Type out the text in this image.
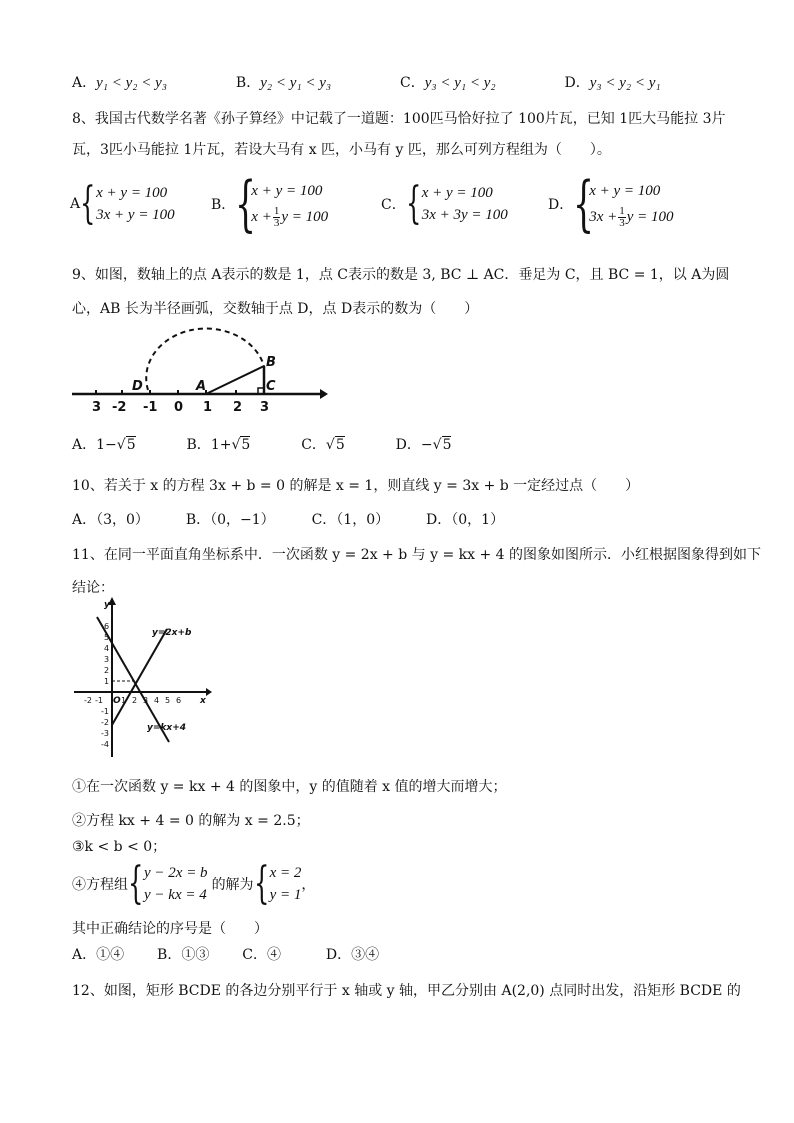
A．y₁ < y₂ < y₃	B．y₂ < y₁ < y₃	C．y₃ < y₁ < y₂	D．y₃ < y₂ < y₁
8、我国古代数学名著《孙子算经》中记载了一道题：100匹马恰好拉了 100片瓦，已知 1匹大马能拉 3片
瓦，3匹小马能拉 1片瓦，若设大马有 x 匹，小马有 y 匹，那么可列方程组为（　　）。
A { x + y = 100
3x + y = 100
B． {
x + y = 100
$x + \frac{1}{3}$ y = 100
C． { x + y = 100
3x + 3y = 100
D． {
x + y = 100
$3x + \frac{1}{3}$ y = 100
9、如图，数轴上的点 A表示的数是 1，点 C表示的数是 3, BC ⊥ AC．垂足为 C，且 BC = 1，以 A为圆
心，AB 长为半径画弧，交数轴于点 D，点 D表示的数为（　　）
3 -2 -1 0 1 2 3
D	A
B
C
A．1−√5	B．1+√5	C．√5	D．−√5
10、若关于 x 的方程 3x + b = 0 的解是 x = 1，则直线 y = 3x + b 一定经过点（　　）
A．（3，0）	B．（0，−1）	C．（1，0）	D．（0，1）
11、在同一平面直角坐标系中．一次函数 y = 2x + b 与 y = kx + 4 的图象如图所示．小红根据图象得到如下
结论：
y=2x+b
y=kx+4
x
y
O
-2 -1 1 2 3 4 5 6
6
5
4
3
2
1
-1
-2
-3
-4
①在一次函数 y = kx + 4 的图象中，y 的值随着 x 值的增大而增大；
②方程 kx + 4 = 0 的解为 x = 2.5；
③k < b < 0；
④方程组 { y − 2x = b
y − kx = 4
的解为 { x = 2
y = 1
，
其中正确结论的序号是（　　）
A．①④ B．①③ C．④	D．③④
12、如图，矩形 BCDE 的各边分别平行于 x 轴或 y 轴，甲乙分别由 A(2,0) 点同时出发，沿矩形 BCDE 的
